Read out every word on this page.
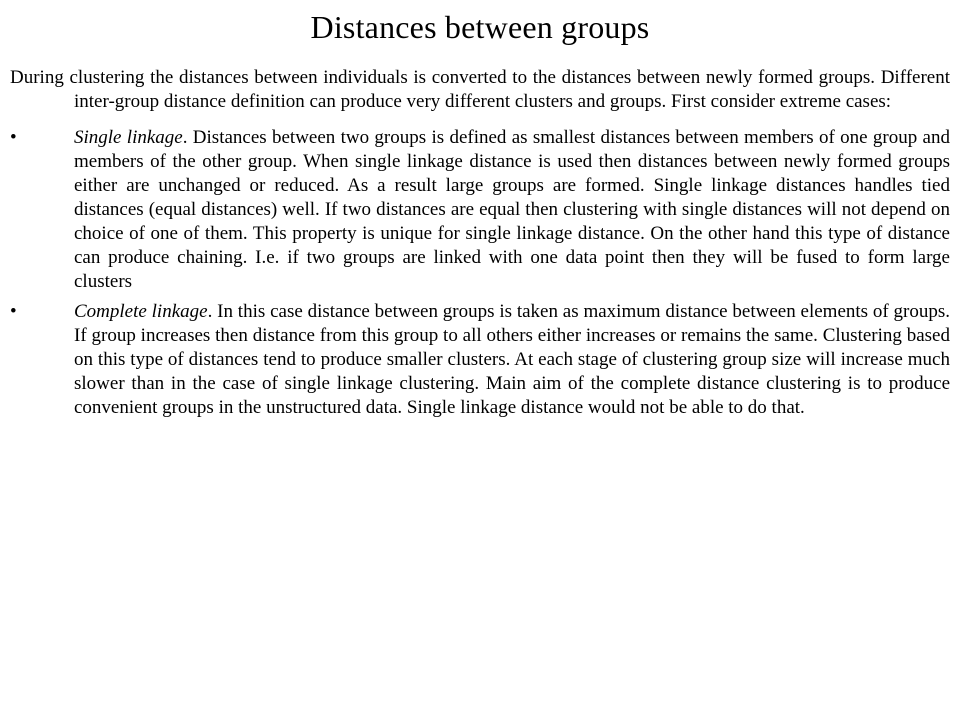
Distances between groups

During clustering the distances between individuals is converted to the distances between newly formed groups. Different inter-group distance definition can produce very different clusters and groups. First consider extreme cases:

•	Single linkage. Distances between two groups is defined as smallest distances between members of one group and members of the other group. When single linkage distance is used then distances between newly formed groups either are unchanged or reduced. As a result large groups are formed. Single linkage distances handles tied distances (equal distances) well. If two distances are equal then clustering with single distances will not depend on choice of one of them. This property is unique for single linkage distance. On the other hand this type of distance can produce chaining. I.e. if two groups are linked with one data point then they will be fused to form large clusters
•	Complete linkage. In this case distance between groups is taken as maximum distance between elements of groups. If group increases then distance from this group to all others either increases or remains the same. Clustering based on this type of distances tend to produce smaller clusters. At each stage of clustering group size will increase much slower than in the case of single linkage clustering. Main aim of the complete distance clustering is to produce convenient groups in the unstructured data. Single linkage distance would not be able to do that.
